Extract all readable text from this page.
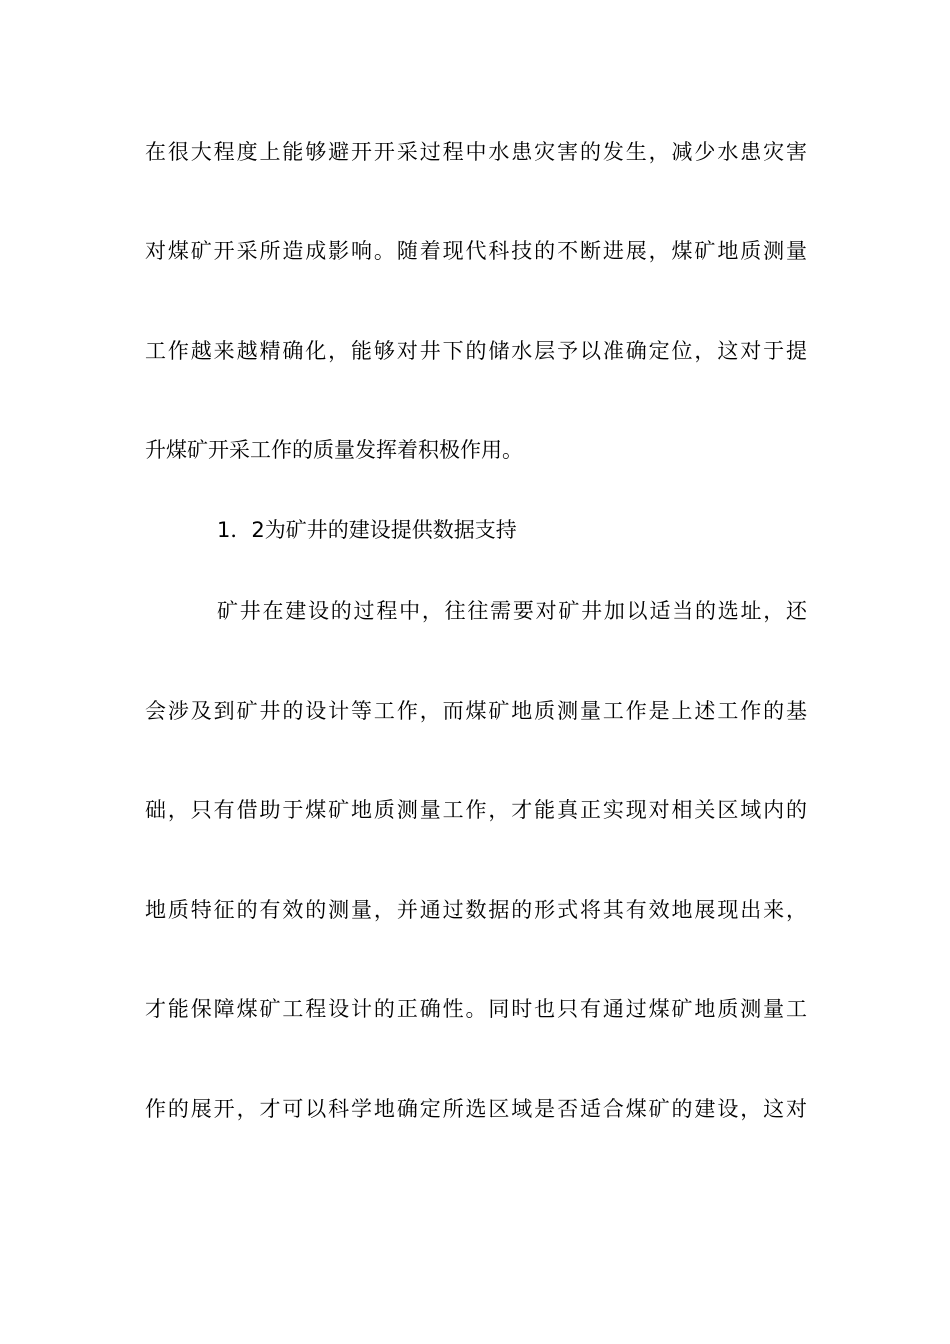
在很大程度上能够避开开采过程中水患灾害的发生，减少水患灾害
对煤矿开采所造成影响。随着现代科技的不断进展，煤矿地质测量
工作越来越精确化，能够对井下的储水层予以准确定位，这对于提
升煤矿开采工作的质量发挥着积极作用。
1．2为矿井的建设提供数据支持
矿井在建设的过程中，往往需要对矿井加以适当的选址，还
会涉及到矿井的设计等工作，而煤矿地质测量工作是上述工作的基
础，只有借助于煤矿地质测量工作，才能真正实现对相关区域内的
地质特征的有效的测量，并通过数据的形式将其有效地展现出来，
才能保障煤矿工程设计的正确性。同时也只有通过煤矿地质测量工
作的展开，才可以科学地确定所选区域是否适合煤矿的建设，这对
